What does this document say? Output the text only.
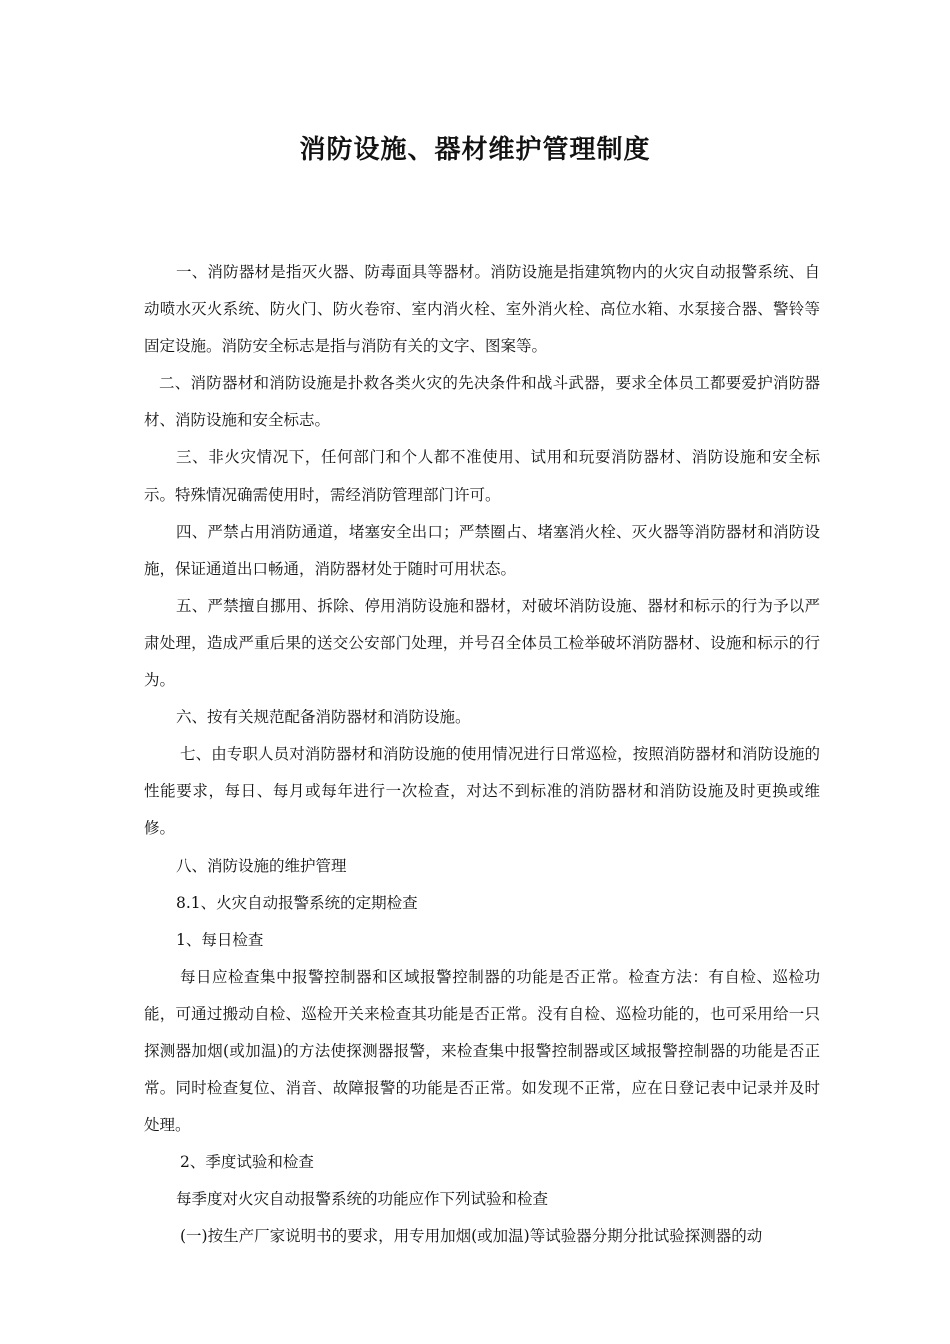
消防设施、器材维护管理制度

一、消防器材是指灭火器、防毒面具等器材。消防设施是指建筑物内的火灾自动报警系统、自动喷水灭火系统、防火门、防火卷帘、室内消火栓、室外消火栓、高位水箱、水泵接合器、警铃等固定设施。消防安全标志是指与消防有关的文字、图案等。

二、消防器材和消防设施是扑救各类火灾的先决条件和战斗武器，要求全体员工都要爱护消防器材、消防设施和安全标志。

三、非火灾情况下，任何部门和个人都不准使用、试用和玩耍消防器材、消防设施和安全标示。特殊情况确需使用时，需经消防管理部门许可。

四、严禁占用消防通道，堵塞安全出口；严禁圈占、堵塞消火栓、灭火器等消防器材和消防设施，保证通道出口畅通，消防器材处于随时可用状态。

五、严禁擅自挪用、拆除、停用消防设施和器材，对破坏消防设施、器材和标示的行为予以严肃处理，造成严重后果的送交公安部门处理，并号召全体员工检举破坏消防器材、设施和标示的行为。

六、按有关规范配备消防器材和消防设施。

七、由专职人员对消防器材和消防设施的使用情况进行日常巡检，按照消防器材和消防设施的性能要求，每日、每月或每年进行一次检查，对达不到标准的消防器材和消防设施及时更换或维修。

八、消防设施的维护管理

8.1、火灾自动报警系统的定期检查

1、每日检查

每日应检查集中报警控制器和区域报警控制器的功能是否正常。检查方法：有自检、巡检功能，可通过搬动自检、巡检开关来检查其功能是否正常。没有自检、巡检功能的，也可采用给一只探测器加烟(或加温)的方法使探测器报警，来检查集中报警控制器或区域报警控制器的功能是否正常。同时检查复位、消音、故障报警的功能是否正常。如发现不正常，应在日登记表中记录并及时处理。

2、季度试验和检查

每季度对火灾自动报警系统的功能应作下列试验和检查

(一)按生产厂家说明书的要求，用专用加烟(或加温)等试验器分期分批试验探测器的动
